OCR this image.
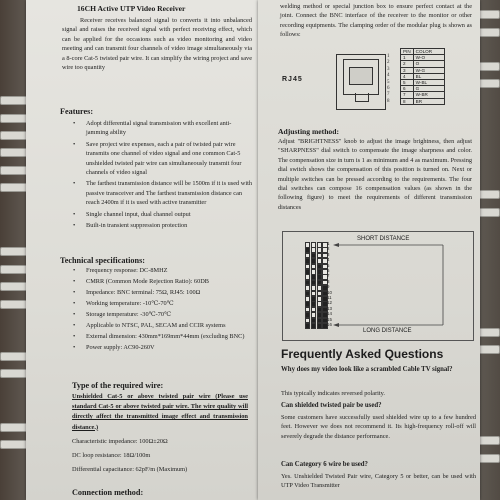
16CH Active UTP Video Receiver

Receiver receives balanced signal to converts it into unbalanced signal and raises the received signal with perfect receiving effect, which can be applied for the occasions such as video monitoring and video meeting and can transmit four channels of video image simultaneously via a 8-core Cat-5 twisted pair wire. It can simplify the wiring project and save wire too quantity

Features:

• Adopt differential signal transmission with excellent anti-jamming ability
• Save project wire expenses, each a pair of twisted pair wire transmits one channel of video signal and one common Cat-5 unshielded twisted pair wire can simultaneously transmit four channels of video signal
• The farthest transmission distance will be 1500m if it is used with passive transceiver and The farthest transmission distance can reach 2400m if it is used with active transmitter
• Single channel input, dual channel output
• Built-in transient suppression protection

Technical specifications:

• Frequency response: DC-8MHZ
• CMRR (Common Mode Rejection Ratio): 60DB
• Impedance: BNC terminal: 75Ω, RJ45: 100Ω
• Working temperature: -10℃-70℃
• Storage temperature: -30℃-70℃
• Applicable to NTSC, PAL, SECAM and CCIR systems
• External dimension: 430mm*169mm*44mm (excluding BNC)
• Power supply: AC90-260V

Type of the required wire:

Unshielded Cat-5 or above twisted pair wire (Please use standard Cat-5 or above twisted pair wire. The wire quality will directly affect the transmitted image effect and transmission distance.)

Characteristic impedance: 100Ω±20Ω

DC loop resistance: 18Ω/100m

Differential capacitance: 62pF/m (Maximum)

Connection method:

welding method or special junction box to ensure perfect contact at the joint. Connect the BNC interface of the receiver to the monitor or other recording equipments. The clamping order of the modular plug is shown as follows:

RJ45
1
2
3
4
5
6
7
8
PIN	COLOR
1	W-O
2	O
3	W-G
4	BL
5	W-BL
6	G
7	W-BR
8	BR

Adjusting method:

Adjust "BRIGHTNESS" knob to adjust the image brightness, then adjust "SHARPNESS" dial switch to compensate the image sharpness and color. The compensation size in turn is 1 as minimum and 4 as maximum. Pressing dial switch shows the compensation of this position is turned on. Next or multiple switches can be pressed according to the requirements. The four dial switches can compose 16 compensation values (as shown in the following figure) to meet the requirements of different transmission distances

SHORT DISTANCE
LONG DISTANCE
1
2
3
4
5
6
7
8
9
10
11
12
13
14
15
16

Frequently Asked Questions

Why does my video look like a scrambled Cable TV signal?

This typically indicates reversed polarity.

Can shielded twisted pair be used?

Some customers have successfully used shielded wire up to a few hundred feet. However we does not recommend it. Its high-frequency roll-off will severely degrade the distance performance.

Can Category 6 wire be used?

Yes. Unshielded Twisted Pair wire, Category 5 or better, can be used with UTP Video Transmitter
